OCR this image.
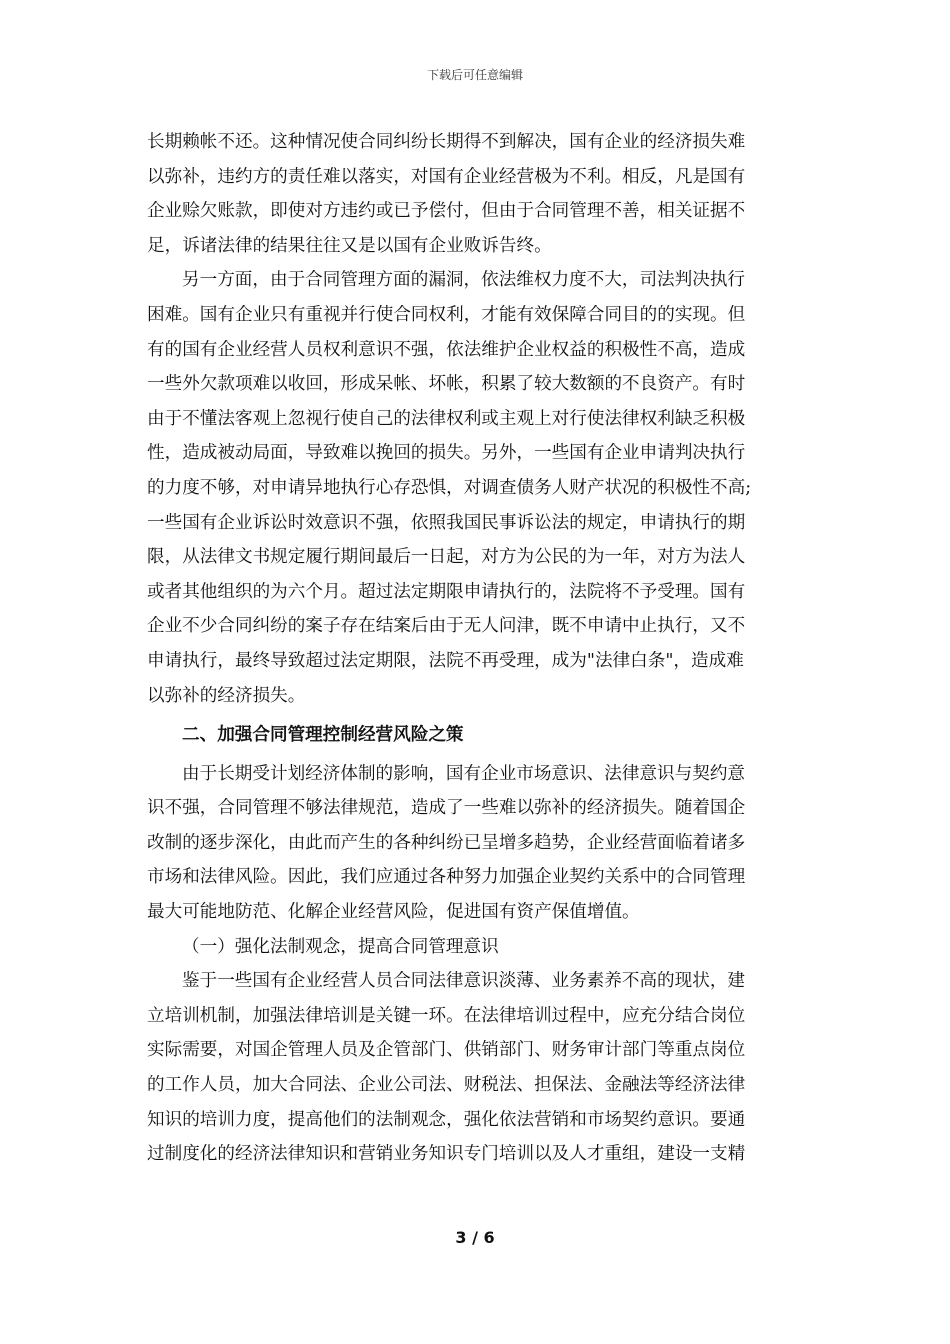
下载后可任意编辑
长期赖帐不还。这种情况使合同纠纷长期得不到解决，国有企业的经济损失难
以弥补，违约方的责任难以落实，对国有企业经营极为不利。相反，凡是国有
企业赊欠账款，即使对方违约或已予偿付，但由于合同管理不善，相关证据不
足，诉诸法律的结果往往又是以国有企业败诉告终。
另一方面，由于合同管理方面的漏洞，依法维权力度不大，司法判决执行
困难。国有企业只有重视并行使合同权利，才能有效保障合同目的的实现。但
有的国有企业经营人员权利意识不强，依法维护企业权益的积极性不高，造成
一些外欠款项难以收回，形成呆帐、坏帐，积累了较大数额的不良资产。有时
由于不懂法客观上忽视行使自己的法律权利或主观上对行使法律权利缺乏积极
性，造成被动局面，导致难以挽回的损失。另外，一些国有企业申请判决执行
的力度不够，对申请异地执行心存恐惧，对调查债务人财产状况的积极性不高;
一些国有企业诉讼时效意识不强，依照我国民事诉讼法的规定，申请执行的期
限，从法律文书规定履行期间最后一日起，对方为公民的为一年，对方为法人
或者其他组织的为六个月。超过法定期限申请执行的，法院将不予受理。国有
企业不少合同纠纷的案子存在结案后由于无人问津，既不申请中止执行，又不
申请执行，最终导致超过法定期限，法院不再受理，成为"法律白条"，造成难
以弥补的经济损失。
二、加强合同管理控制经营风险之策
由于长期受计划经济体制的影响，国有企业市场意识、法律意识与契约意
识不强，合同管理不够法律规范，造成了一些难以弥补的经济损失。随着国企
改制的逐步深化，由此而产生的各种纠纷已呈增多趋势，企业经营面临着诸多
市场和法律风险。因此，我们应通过各种努力加强企业契约关系中的合同管理
最大可能地防范、化解企业经营风险，促进国有资产保值增值。
（一）强化法制观念，提高合同管理意识
鉴于一些国有企业经营人员合同法律意识淡薄、业务素养不高的现状，建
立培训机制，加强法律培训是关键一环。在法律培训过程中，应充分结合岗位
实际需要，对国企管理人员及企管部门、供销部门、财务审计部门等重点岗位
的工作人员，加大合同法、企业公司法、财税法、担保法、金融法等经济法律
知识的培训力度，提高他们的法制观念，强化依法营销和市场契约意识。要通
过制度化的经济法律知识和营销业务知识专门培训以及人才重组，建设一支精
3 / 6
